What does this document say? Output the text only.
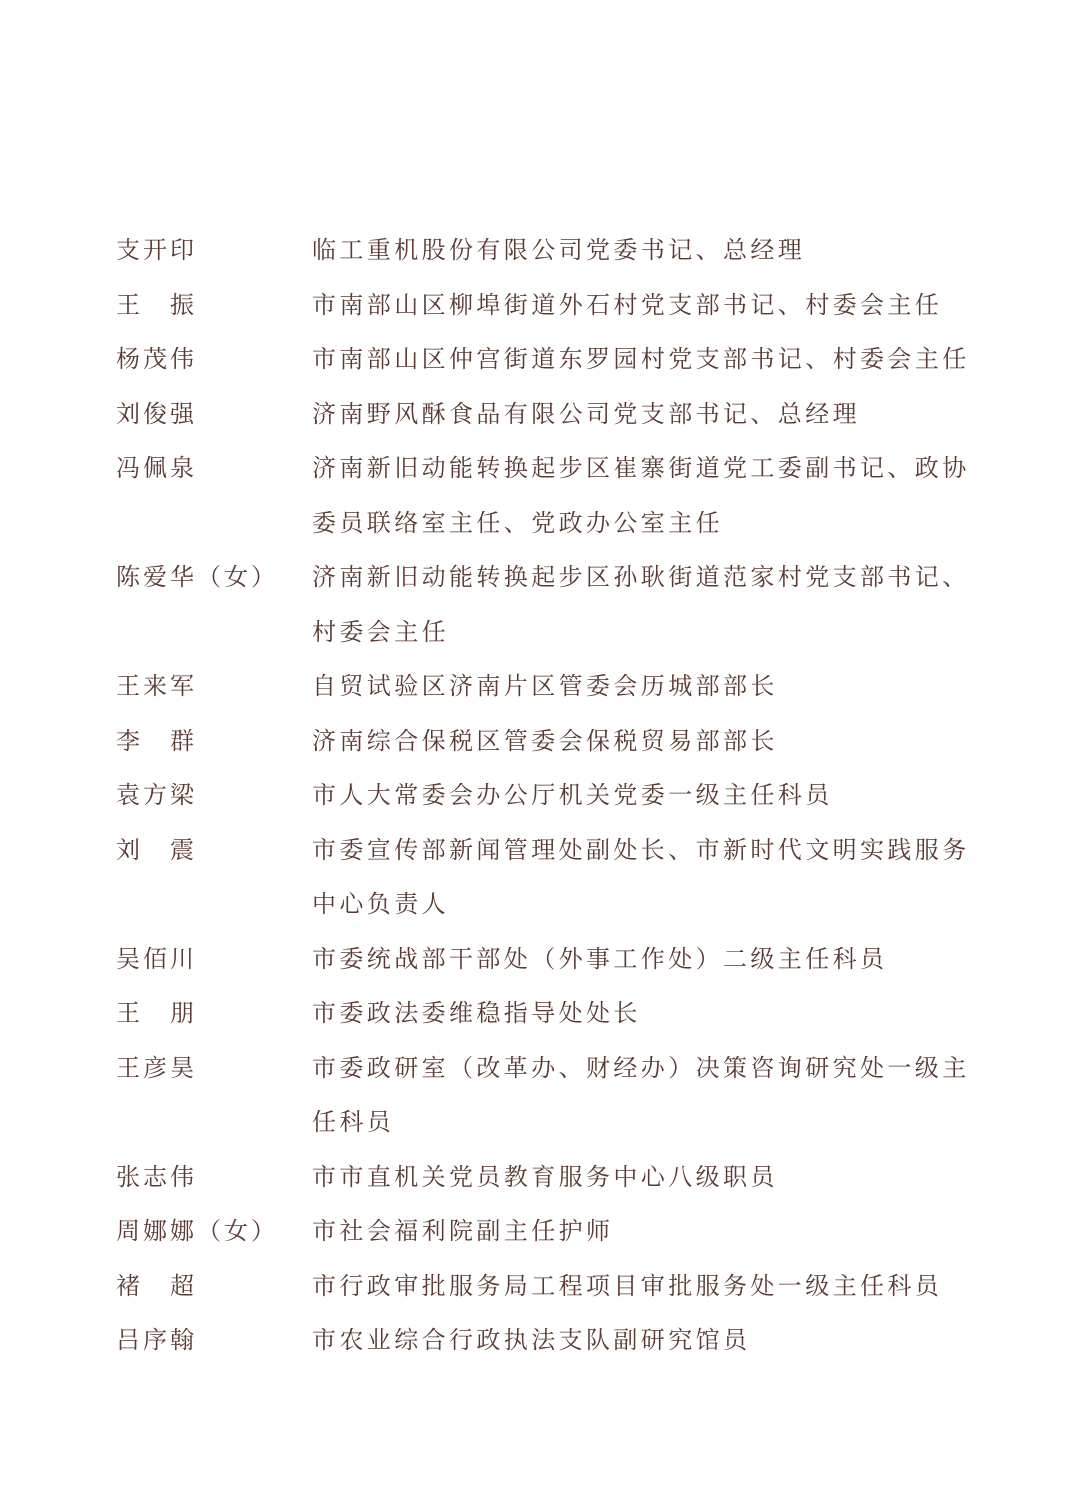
支开印	临工重机股份有限公司党委书记、总经理
王　振	市南部山区柳埠街道外石村党支部书记、村委会主任
杨茂伟	市南部山区仲宫街道东罗园村党支部书记、村委会主任
刘俊强	济南野风酥食品有限公司党支部书记、总经理
冯佩泉	济南新旧动能转换起步区崔寨街道党工委副书记、政协委员联络室主任、党政办公室主任
陈爱华（女）	济南新旧动能转换起步区孙耿街道范家村党支部书记、村委会主任
王来军	自贸试验区济南片区管委会历城部部长
李　群	济南综合保税区管委会保税贸易部部长
袁方梁	市人大常委会办公厅机关党委一级主任科员
刘　震	市委宣传部新闻管理处副处长、市新时代文明实践服务中心负责人
吴佰川	市委统战部干部处（外事工作处）二级主任科员
王　朋	市委政法委维稳指导处处长
王彦昊	市委政研室（改革办、财经办）决策咨询研究处一级主任科员
张志伟	市市直机关党员教育服务中心八级职员
周娜娜（女）	市社会福利院副主任护师
褚　超	市行政审批服务局工程项目审批服务处一级主任科员
吕序翰	市农业综合行政执法支队副研究馆员
